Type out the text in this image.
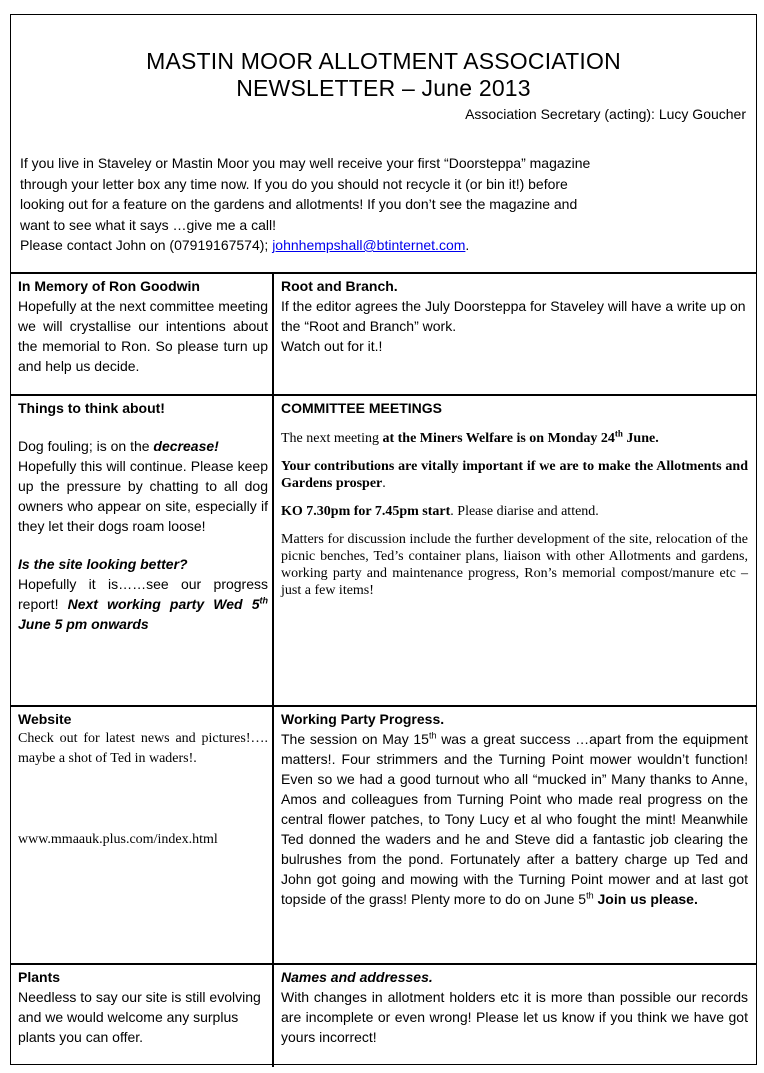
MASTIN MOOR ALLOTMENT ASSOCIATION
NEWSLETTER – June 2013
Association Secretary (acting): Lucy Goucher

If you live in Staveley or Mastin Moor you may well receive your first “Doorsteppa” magazine

through your letter box any time now. If you do you should not recycle it (or bin it!) before

looking out for a feature on the gardens and allotments! If you don’t see the magazine and

want to see what it says …give me a call!

Please contact John on (07919167574); johnhempshall@btinternet.com.

In Memory of Ron Goodwin

Hopefully at the next committee meeting we will crystallise our intentions about the memorial to Ron. So please turn up and help us decide.

Root and Branch.

If the editor agrees the July Doorsteppa for Staveley will have a write up on the “Root and Branch” work.

Watch out for it.!

Things to think about!

Dog fouling; is on the decrease!

Hopefully this will continue. Please keep up the pressure by chatting to all dog owners who appear on site, especially if they let their dogs roam loose!

Is the site looking better?

Hopefully it is……see our progress report! Next working party Wed 5th June 5 pm onwards

COMMITTEE MEETINGS

The next meeting at the Miners Welfare is on Monday 24th June.

Your contributions are vitally important if we are to make the Allotments and Gardens prosper.

KO 7.30pm for 7.45pm start. Please diarise and attend.

Matters for discussion include the further development of the site, relocation of the picnic benches, Ted’s container plans, liaison with other Allotments and gardens, working party and maintenance progress, Ron’s memorial compost/manure etc – just a few items!

Website

Check out for latest news and pictures!…. maybe a shot of Ted in waders!.

www.mmaauk.plus.com/index.html

Working Party Progress.

The session on May 15th was a great success …apart from the equipment matters!. Four strimmers and the Turning Point mower wouldn’t function! Even so we had a good turnout who all “mucked in” Many thanks to Anne, Amos and colleagues from Turning Point who made real progress on the central flower patches, to Tony Lucy et al who fought the mint! Meanwhile Ted donned the waders and he and Steve did a fantastic job clearing the bulrushes from the pond. Fortunately after a battery charge up Ted and John got going and mowing with the Turning Point mower and at last got topside of the grass! Plenty more to do on June 5th Join us please.

Plants

Needless to say our site is still evolving and we would welcome any surplus plants you can offer.

Names and addresses.

With changes in allotment holders etc it is more than possible our records are incomplete or even wrong! Please let us know if you think we have got yours incorrect!
